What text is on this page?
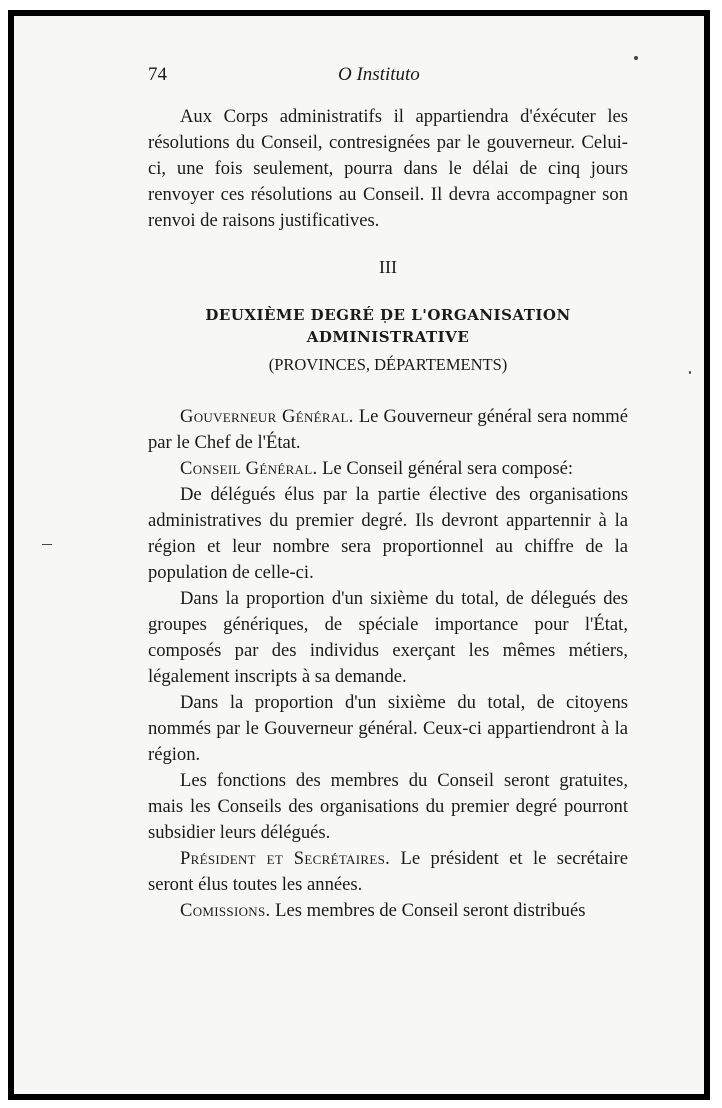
74	O Instituto

Aux Corps administratifs il appartiendra d'éxécuter les résolutions du Conseil, contresignées par le gouverneur. Celui-ci, une fois seulement, pourra dans le délai de cinq jours renvoyer ces résolutions au Conseil. Il devra accompagner son renvoi de raisons justificatives.

III
DEUXIÈME DEGRÉ DE L'ORGANISATION
ADMINISTRATIVE
(PROVINCES, DÉPARTEMENTS)

Gouverneur Général. Le Gouverneur général sera nommé par le Chef de l'État.

Conseil Général. Le Conseil général sera composé:

De délégués élus par la partie élective des organisations administratives du premier degré. Ils devront appartennir à la région et leur nombre sera proportionnel au chiffre de la population de celle-ci.

Dans la proportion d'un sixième du total, de délegués des groupes génériques, de spéciale importance pour l'État, composés par des individus exerçant les mêmes métiers, légalement inscripts à sa demande.

Dans la proportion d'un sixième du total, de citoyens nommés par le Gouverneur général. Ceux-ci appartiendront à la région.

Les fonctions des membres du Conseil seront gratuites, mais les Conseils des organisations du premier degré pourront subsidier leurs délégués.

Président et Secrétaires. Le président et le secrétaire seront élus toutes les années.

Comissions. Les membres de Conseil seront distribués
